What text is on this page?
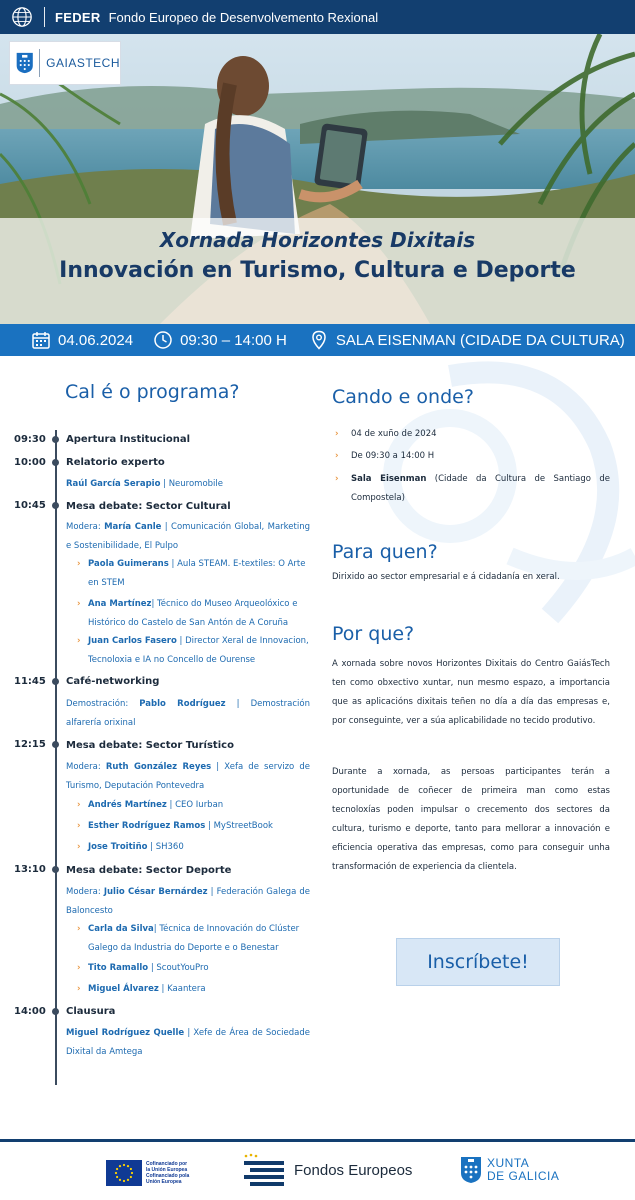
FEDER Fondo Europeo de Desenvolvemento Rexional
GAIASTECH
Xornada Horizontes Dixitais
Innovación en Turismo, Cultura e Deporte
04.06.2024	09:30 – 14:00 H	SALA EISENMAN (CIDADE DA CULTURA)
Cal é o programa?
09:30 Apertura Institucional
10:00 Relatorio experto
Raúl García Serapio | Neuromobile
10:45 Mesa debate: Sector Cultural
Modera: María Canle | Comunicación Global, Marketing e Sostenibilidade, El Pulpo
› Paola Guimerans | Aula STEAM. E-textiles: O Arte en STEM
› Ana Martínez| Técnico do Museo Arqueolóxico e Histórico do Castelo de San Antón de A Coruña
› Juan Carlos Fasero | Director Xeral de Innovacion, Tecnoloxia e IA no Concello de Ourense
11:45 Café-networking
Demostración: Pablo Rodríguez | Demostración alfarería orixinal
12:15 Mesa debate: Sector Turístico
Modera: Ruth González Reyes | Xefa de servizo de Turismo, Deputación Pontevedra
› Andrés Martínez | CEO Iurban
› Esther Rodríguez Ramos | MyStreetBook
› Jose Troitiño | SH360
13:10 Mesa debate: Sector Deporte
Modera: Julio César Bernárdez | Federación Galega de Baloncesto
› Carla da Silva| Técnica de Innovación do Clúster Galego da Industria do Deporte e o Benestar
› Tito Ramallo | ScoutYouPro
› Miguel Álvarez | Kaantera
14:00 Clausura
Miguel Rodríguez Quelle | Xefe de Área de Sociedade Dixital da Amtega
Cando e onde?
›	04 de xuño de 2024
›	De 09:30 a 14:00 H
›	Sala Eisenman (Cidade da Cultura de Santiago de Compostela)
Para quen?
Dirixido ao sector empresarial e á cidadanía en xeral.
Por que?
A xornada sobre novos Horizontes Dixitais do Centro GaiásTech ten como obxectivo xuntar, nun mesmo espazo, a importancia que as aplicacións dixitais teñen no día a día das empresas e, por conseguinte, ver a súa aplicabilidade no tecido produtivo.
Durante a xornada, as persoas participantes terán a oportunidade de coñecer de primeira man como estas tecnoloxías poden impulsar o crecemento dos sectores da cultura, turismo e deporte, tanto para mellorar a innovación e eficiencia operativa das empresas, como para conseguir unha transformación de experiencia da clientela.
Inscríbete!
Cofinanciado por
la Unión Europea
Cofinanciado pola
Unión Europea
Fondos Europeos	XUNTA
DE GALICIA
